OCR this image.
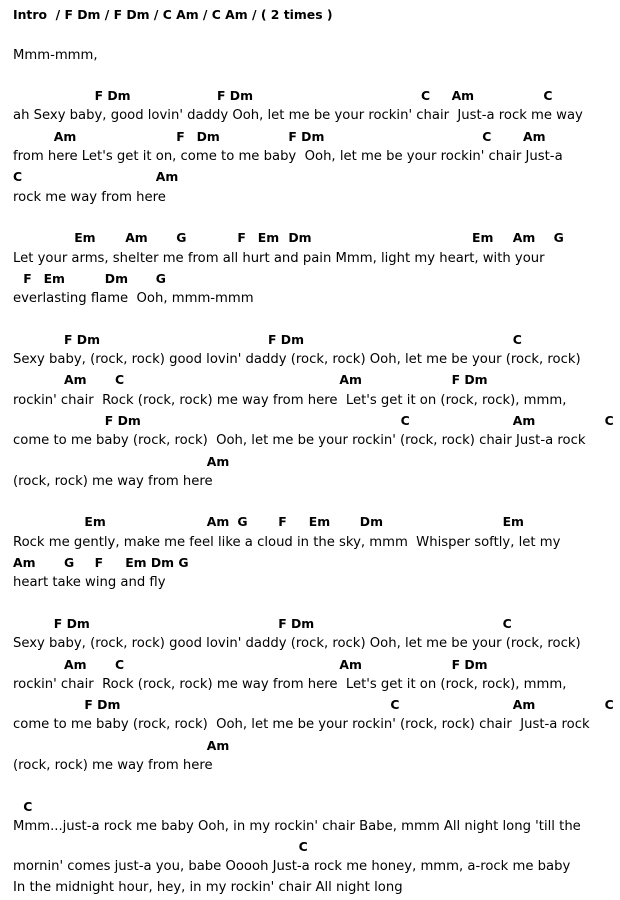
Intro  / F Dm / F Dm / C Am / C Am / ( 2 times )
Mmm-mmm,
F Dm	F Dm	C Am	C
ah Sexy baby, good lovin' daddy Ooh, let me be your rockin' chair  Just-a rock me way
Am	F Dm	F Dm	C	Am
from here Let's get it on, come to me baby  Ooh, let me be your rockin' chair Just-a
C	Am
rock me way from here
Em Am G	F Em Dm	Em Am G
Let your arms, shelter me from all hurt and pain Mmm, light my heart, with your
F Em	Dm G
everlasting flame  Ooh, mmm-mmm
F Dm	F Dm	C
Sexy baby, (rock, rock) good lovin' daddy (rock, rock) Ooh, let me be your (rock, rock)
Am C	Am	F Dm
rockin' chair  Rock (rock, rock) me way from here  Let's get it on (rock, rock), mmm,
F Dm	C	Am	C
come to me baby (rock, rock)  Ooh, let me be your rockin' (rock, rock) chair Just-a rock
Am
(rock, rock) me way from here
Em	Am G F Em Dm	Em
Rock me gently, make me feel like a cloud in the sky, mmm  Whisper softly, let my
Am G F Em Dm G
heart take wing and fly
F Dm	F Dm	C
Sexy baby, (rock, rock) good lovin' daddy (rock, rock) Ooh, let me be your (rock, rock)
Am C	Am	F Dm
rockin' chair  Rock (rock, rock) me way from here  Let's get it on (rock, rock), mmm,
F Dm	C	Am	C
come to me baby (rock, rock)  Ooh, let me be your rockin' (rock, rock) chair  Just-a rock
Am
(rock, rock) me way from here
C
Mmm...just-a rock me baby Ooh, in my rockin' chair Babe, mmm All night long 'till the
C
mornin' comes just-a you, babe Ooooh Just-a rock me honey, mmm, a-rock me baby
In the midnight hour, hey, in my rockin' chair All night long
